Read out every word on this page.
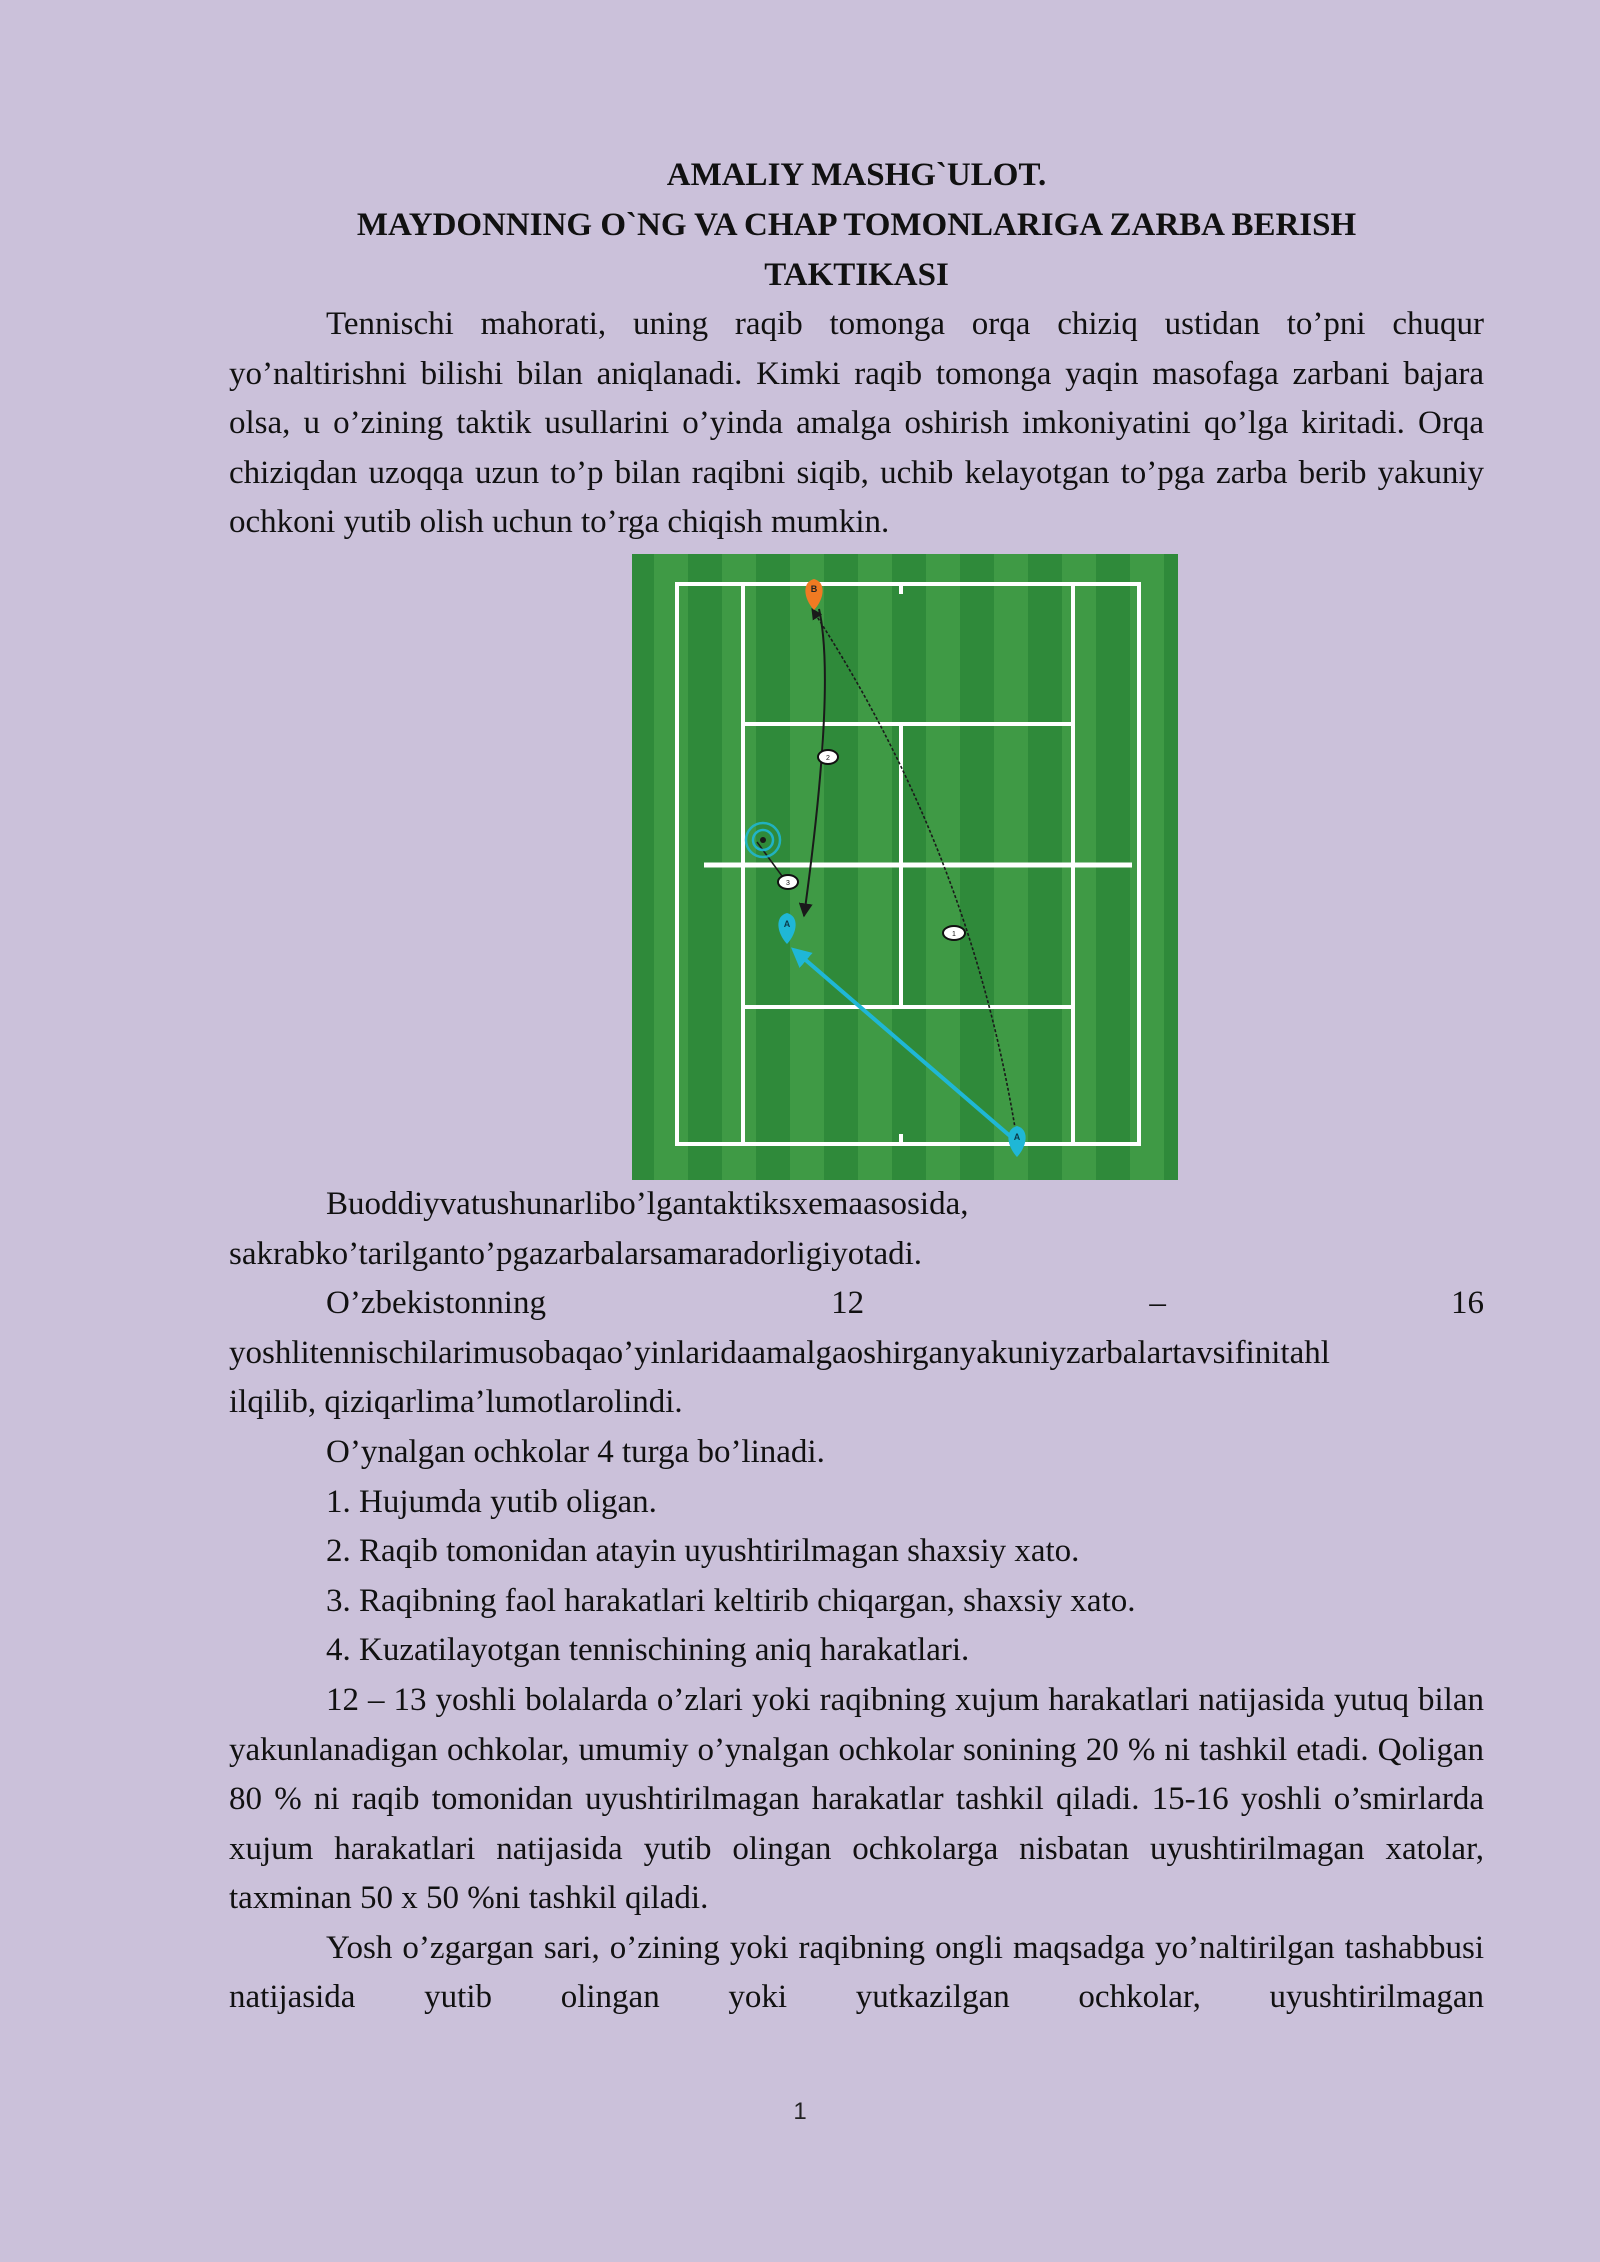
AMALIY MASHG`ULOT.

MAYDONNING O`NG VA CHAP TOMONLARIGA ZARBA BERISH

TAKTIKASI

Tennischi mahorati, uning raqib tomonga orqa chiziq ustidan to’pni chuqur yo’naltirishni bilishi bilan aniqlanadi. Kimki raqib tomonga yaqin masofaga zarbani bajara olsa, u o’zining taktik usullarini o’yinda amalga oshirish imkoniyatini qo’lga kiritadi. Orqa chiziqdan uzoqqa uzun to’p bilan raqibni siqib, uchib kelayotgan to’pga zarba berib yakuniy ochkoni yutib olish uchun to’rga chiqish mumkin.

2
3
1
B
A
A
Buoddiyvatushunarlibo’lgantaktiksxemaasosida,
sakrabko’tarilganto’pgazarbalarsamaradorligiyotadi.
O’zbekistonning	12	–	16
yoshlitennischilarimusobaqao’yinlaridaamalgaoshirganyakuniyzarbalartavsifinitahl
ilqilib, qiziqarlima’lumotlarolindi.
O’ynalgan ochkolar 4 turga bo’linadi.
1. Hujumda yutib oligan.
2. Raqib tomonidan atayin uyushtirilmagan shaxsiy xato.
3. Raqibning faol harakatlari keltirib chiqargan, shaxsiy xato.
4. Kuzatilayotgan tennischining aniq harakatlari.

12 – 13 yoshli bolalarda o’zlari yoki raqibning xujum harakatlari natijasida yutuq bilan yakunlanadigan ochkolar, umumiy o’ynalgan ochkolar sonining 20 % ni tashkil etadi. Qoligan 80 % ni raqib tomonidan uyushtirilmagan harakatlar tashkil qiladi. 15-16 yoshli o’smirlarda xujum harakatlari natijasida yutib olingan ochkolarga nisbatan uyushtirilmagan xatolar, taxminan 50 x 50 %ni tashkil qiladi.

Yosh o’zgargan sari, o’zining yoki raqibning ongli maqsadga yo’naltirilgan tashabbusi natijasida yutib olingan yoki yutkazilgan ochkolar, uyushtirilmagan

1
